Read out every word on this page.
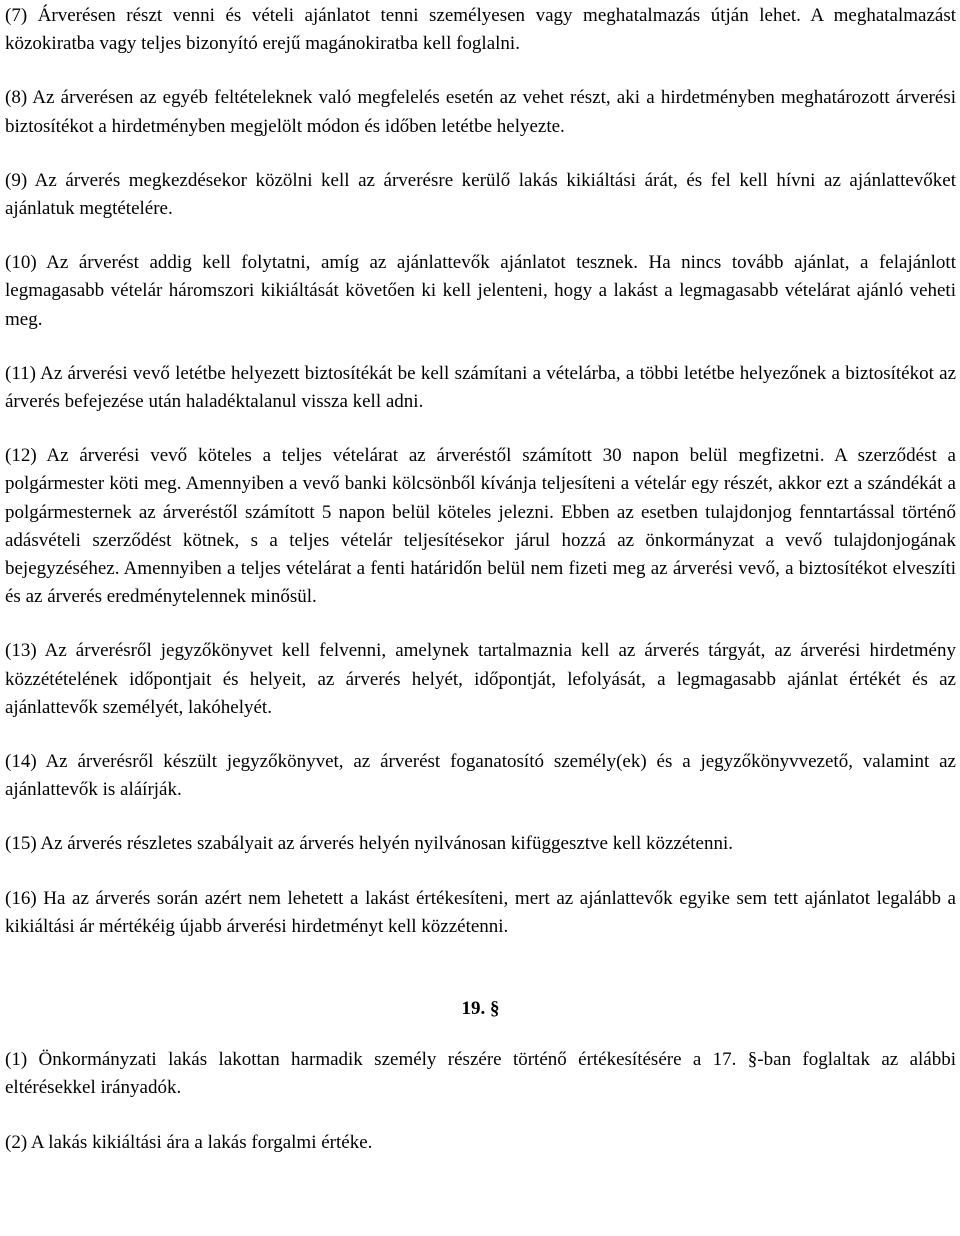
(7) Árverésen részt venni és vételi ajánlatot tenni személyesen vagy meghatalmazás útján lehet. A meghatalmazást közokiratba vagy teljes bizonyító erejű magánokiratba kell foglalni.

(8) Az árverésen az egyéb feltételeknek való megfelelés esetén az vehet részt, aki a hirdetményben meghatározott árverési biztosítékot a hirdetményben megjelölt módon és időben letétbe helyezte.

(9) Az árverés megkezdésekor közölni kell az árverésre kerülő lakás kikiáltási árát, és fel kell hívni az ajánlattevőket ajánlatuk megtételére.

(10) Az árverést addig kell folytatni, amíg az ajánlattevők ajánlatot tesznek. Ha nincs tovább ajánlat, a felajánlott legmagasabb vételár háromszori kikiáltását követően ki kell jelenteni, hogy a lakást a legmagasabb vételárat ajánló veheti meg.

(11) Az árverési vevő letétbe helyezett biztosítékát be kell számítani a vételárba, a többi letétbe helyezőnek a biztosítékot az árverés befejezése után haladéktalanul vissza kell adni.

(12) Az árverési vevő köteles a teljes vételárat az árveréstől számított 30 napon belül megfizetni. A szerződést a polgármester köti meg. Amennyiben a vevő banki kölcsönből kívánja teljesíteni a vételár egy részét, akkor ezt a szándékát a polgármesternek az árveréstől számított 5 napon belül köteles jelezni. Ebben az esetben tulajdonjog fenntartással történő adásvételi szerződést kötnek, s a teljes vételár teljesítésekor járul hozzá az önkormányzat a vevő tulajdonjogának bejegyzéséhez. Amennyiben a teljes vételárat a fenti határidőn belül nem fizeti meg az árverési vevő, a biztosítékot elveszíti és az árverés eredménytelennek minősül.

(13) Az árverésről jegyzőkönyvet kell felvenni, amelynek tartalmaznia kell az árverés tárgyát, az árverési hirdetmény közzétételének időpontjait és helyeit, az árverés helyét, időpontját, lefolyását, a legmagasabb ajánlat értékét és az ajánlattevők személyét, lakóhelyét.

(14) Az árverésről készült jegyzőkönyvet, az árverést foganatosító személy(ek) és a jegyzőkönyvvezető, valamint az ajánlattevők is aláírják.

(15) Az árverés részletes szabályait az árverés helyén nyilvánosan kifüggesztve kell közzétenni.

(16) Ha az árverés során azért nem lehetett a lakást értékesíteni, mert az ajánlattevők egyike sem tett ajánlatot legalább a kikiáltási ár mértékéig újabb árverési hirdetményt kell közzétenni.

19. §

(1) Önkormányzati lakás lakottan harmadik személy részére történő értékesítésére a 17. §-ban foglaltak az alábbi eltérésekkel irányadók.

(2) A lakás kikiáltási ára a lakás forgalmi értéke.
